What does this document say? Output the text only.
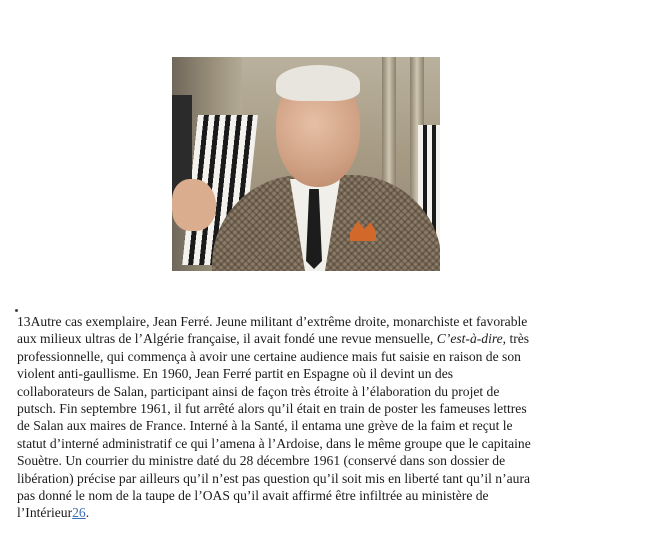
13Autre cas exemplaire, Jean Ferré. Jeune militant d’extrême droite, monarchiste et favorable
aux milieux ultras de l’Algérie française, il avait fondé une revue mensuelle, C’est-à-dire, très
professionnelle, qui commença à avoir une certaine audience mais fut saisie en raison de son
violent anti-gaullisme. En 1960, Jean Ferré partit en Espagne où il devint un des
collaborateurs de Salan, participant ainsi de façon très étroite à l’élaboration du projet de
putsch. Fin septembre 1961, il fut arrêté alors qu’il était en train de poster les fameuses lettres
de Salan aux maires de France. Interné à la Santé, il entama une grève de la faim et reçut le
statut d’interné administratif ce qui l’amena à l’Ardoise, dans le même groupe que le capitaine
Souètre. Un courrier du ministre daté du 28 décembre 1961 (conservé dans son dossier de
libération) précise par ailleurs qu’il n’est pas question qu’il soit mis en liberté tant qu’il n’aura
pas donné le nom de la taupe de l’OAS qu’il avait affirmé être infiltrée au ministère de
l’Intérieur26.
